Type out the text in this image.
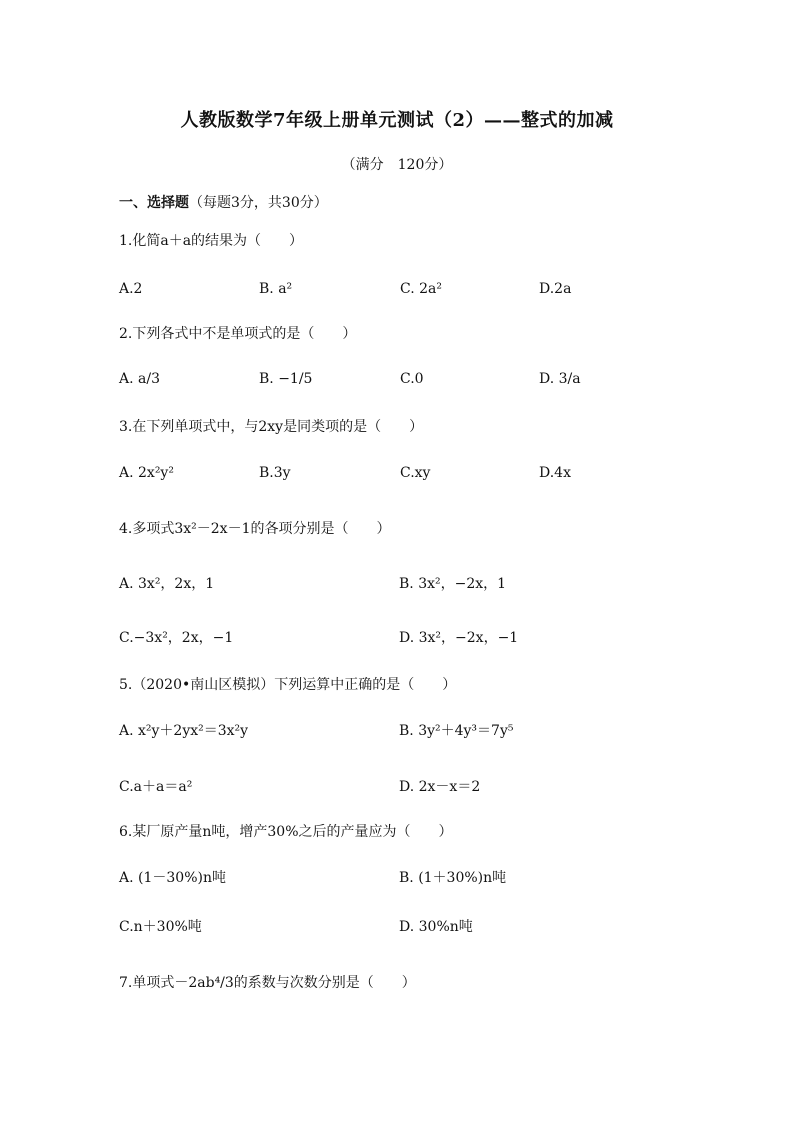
人教版数学7年级上册单元测试（2）——整式的加减
（满分　120分）
一、选择题（每题3分，共30分）
1.化简a＋a的结果为（　　）
A.2	B. a²	C. 2a²	D.2a
2.下列各式中不是单项式的是（　　）
A. a/3	B. −1/5	C.0	D. 3/a
3.在下列单项式中，与2xy是同类项的是（　　）
A. 2x²y²	B.3y	C.xy	D.4x
4.多项式3x²－2x－1的各项分别是（　　）
A. 3x²，2x，1	B. 3x²，−2x，1
C.−3x²，2x，−1	D. 3x²，−2x，−1
5.（2020•南山区模拟）下列运算中正确的是（　　）
A. x²y＋2yx²＝3x²y	B. 3y²＋4y³＝7y⁵
C.a＋a＝a²	D. 2x－x＝2
6.某厂原产量n吨，增产30%之后的产量应为（　　）
A. (1－30%)n吨	B. (1＋30%)n吨
C.n＋30%吨	D. 30%n吨
7.单项式－2ab⁴/3的系数与次数分别是（　　）
